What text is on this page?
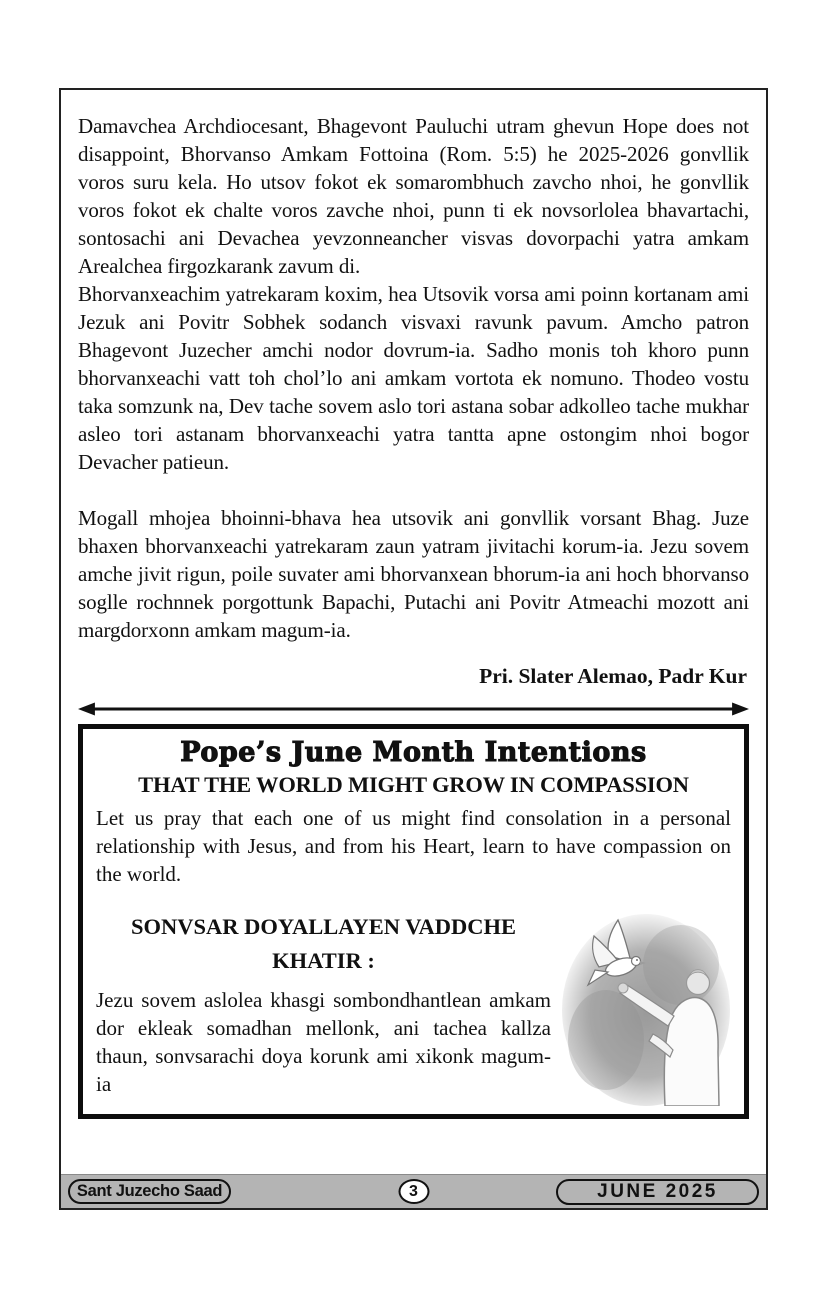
Damavchea Archdiocesant, Bhagevont Pauluchi utram ghevun Hope does not disappoint, Bhorvanso Amkam Fottoina (Rom. 5:5) he 2025-2026 gonvllik voros suru kela. Ho utsov fokot ek somarombhuch zavcho nhoi, he gonvllik voros fokot ek chalte voros zavche nhoi, punn ti ek novsorlolea bhavartachi, sontosachi ani Devachea yevzonneancher visvas dovorpachi yatra amkam Arealchea firgozkarank zavum di.

Bhorvanxeachim yatrekaram koxim, hea Utsovik vorsa ami poinn kortanam ami Jezuk ani Povitr Sobhek sodanch visvaxi ravunk pavum. Amcho patron Bhagevont Juzecher amchi nodor dovrum-ia. Sadho monis toh khoro punn bhorvanxeachi vatt toh chol’lo ani amkam vortota ek nomuno. Thodeo vostu taka somzunk na, Dev tache sovem aslo tori astana sobar adkolleo tache mukhar asleo tori astanam bhorvanxeachi yatra tantta apne ostongim nhoi bogor Devacher patieun.

Mogall mhojea bhoinni-bhava hea utsovik ani gonvllik vorsant Bhag. Juze bhaxen bhorvanxeachi yatrekaram zaun yatram jivitachi korum-ia. Jezu sovem amche jivit rigun, poile suvater ami bhorvanxean bhorum-ia ani hoch bhorvanso soglle rochnnek porgottunk Bapachi, Putachi ani Povitr Atmeachi mozott ani margdorxonn amkam magum-ia.

Pri. Slater Alemao, Padr Kur

Pope’s June Month Intentions
THAT THE WORLD MIGHT GROW IN COMPASSION

Let us pray that each one of us might find consolation in a personal relationship with Jesus, and from his Heart, learn to have compassion on the world.

SONVSAR DOYALLAYEN VADDCHE
KHATIR :

Jezu sovem aslolea khasgi sombondhantlean amkam dor ekleak somadhan mellonk, ani tachea kallza thaun, sonvsarachi doya korunk ami xikonk magum-ia

Sant Juzecho Saad	3	JUNE 2025
